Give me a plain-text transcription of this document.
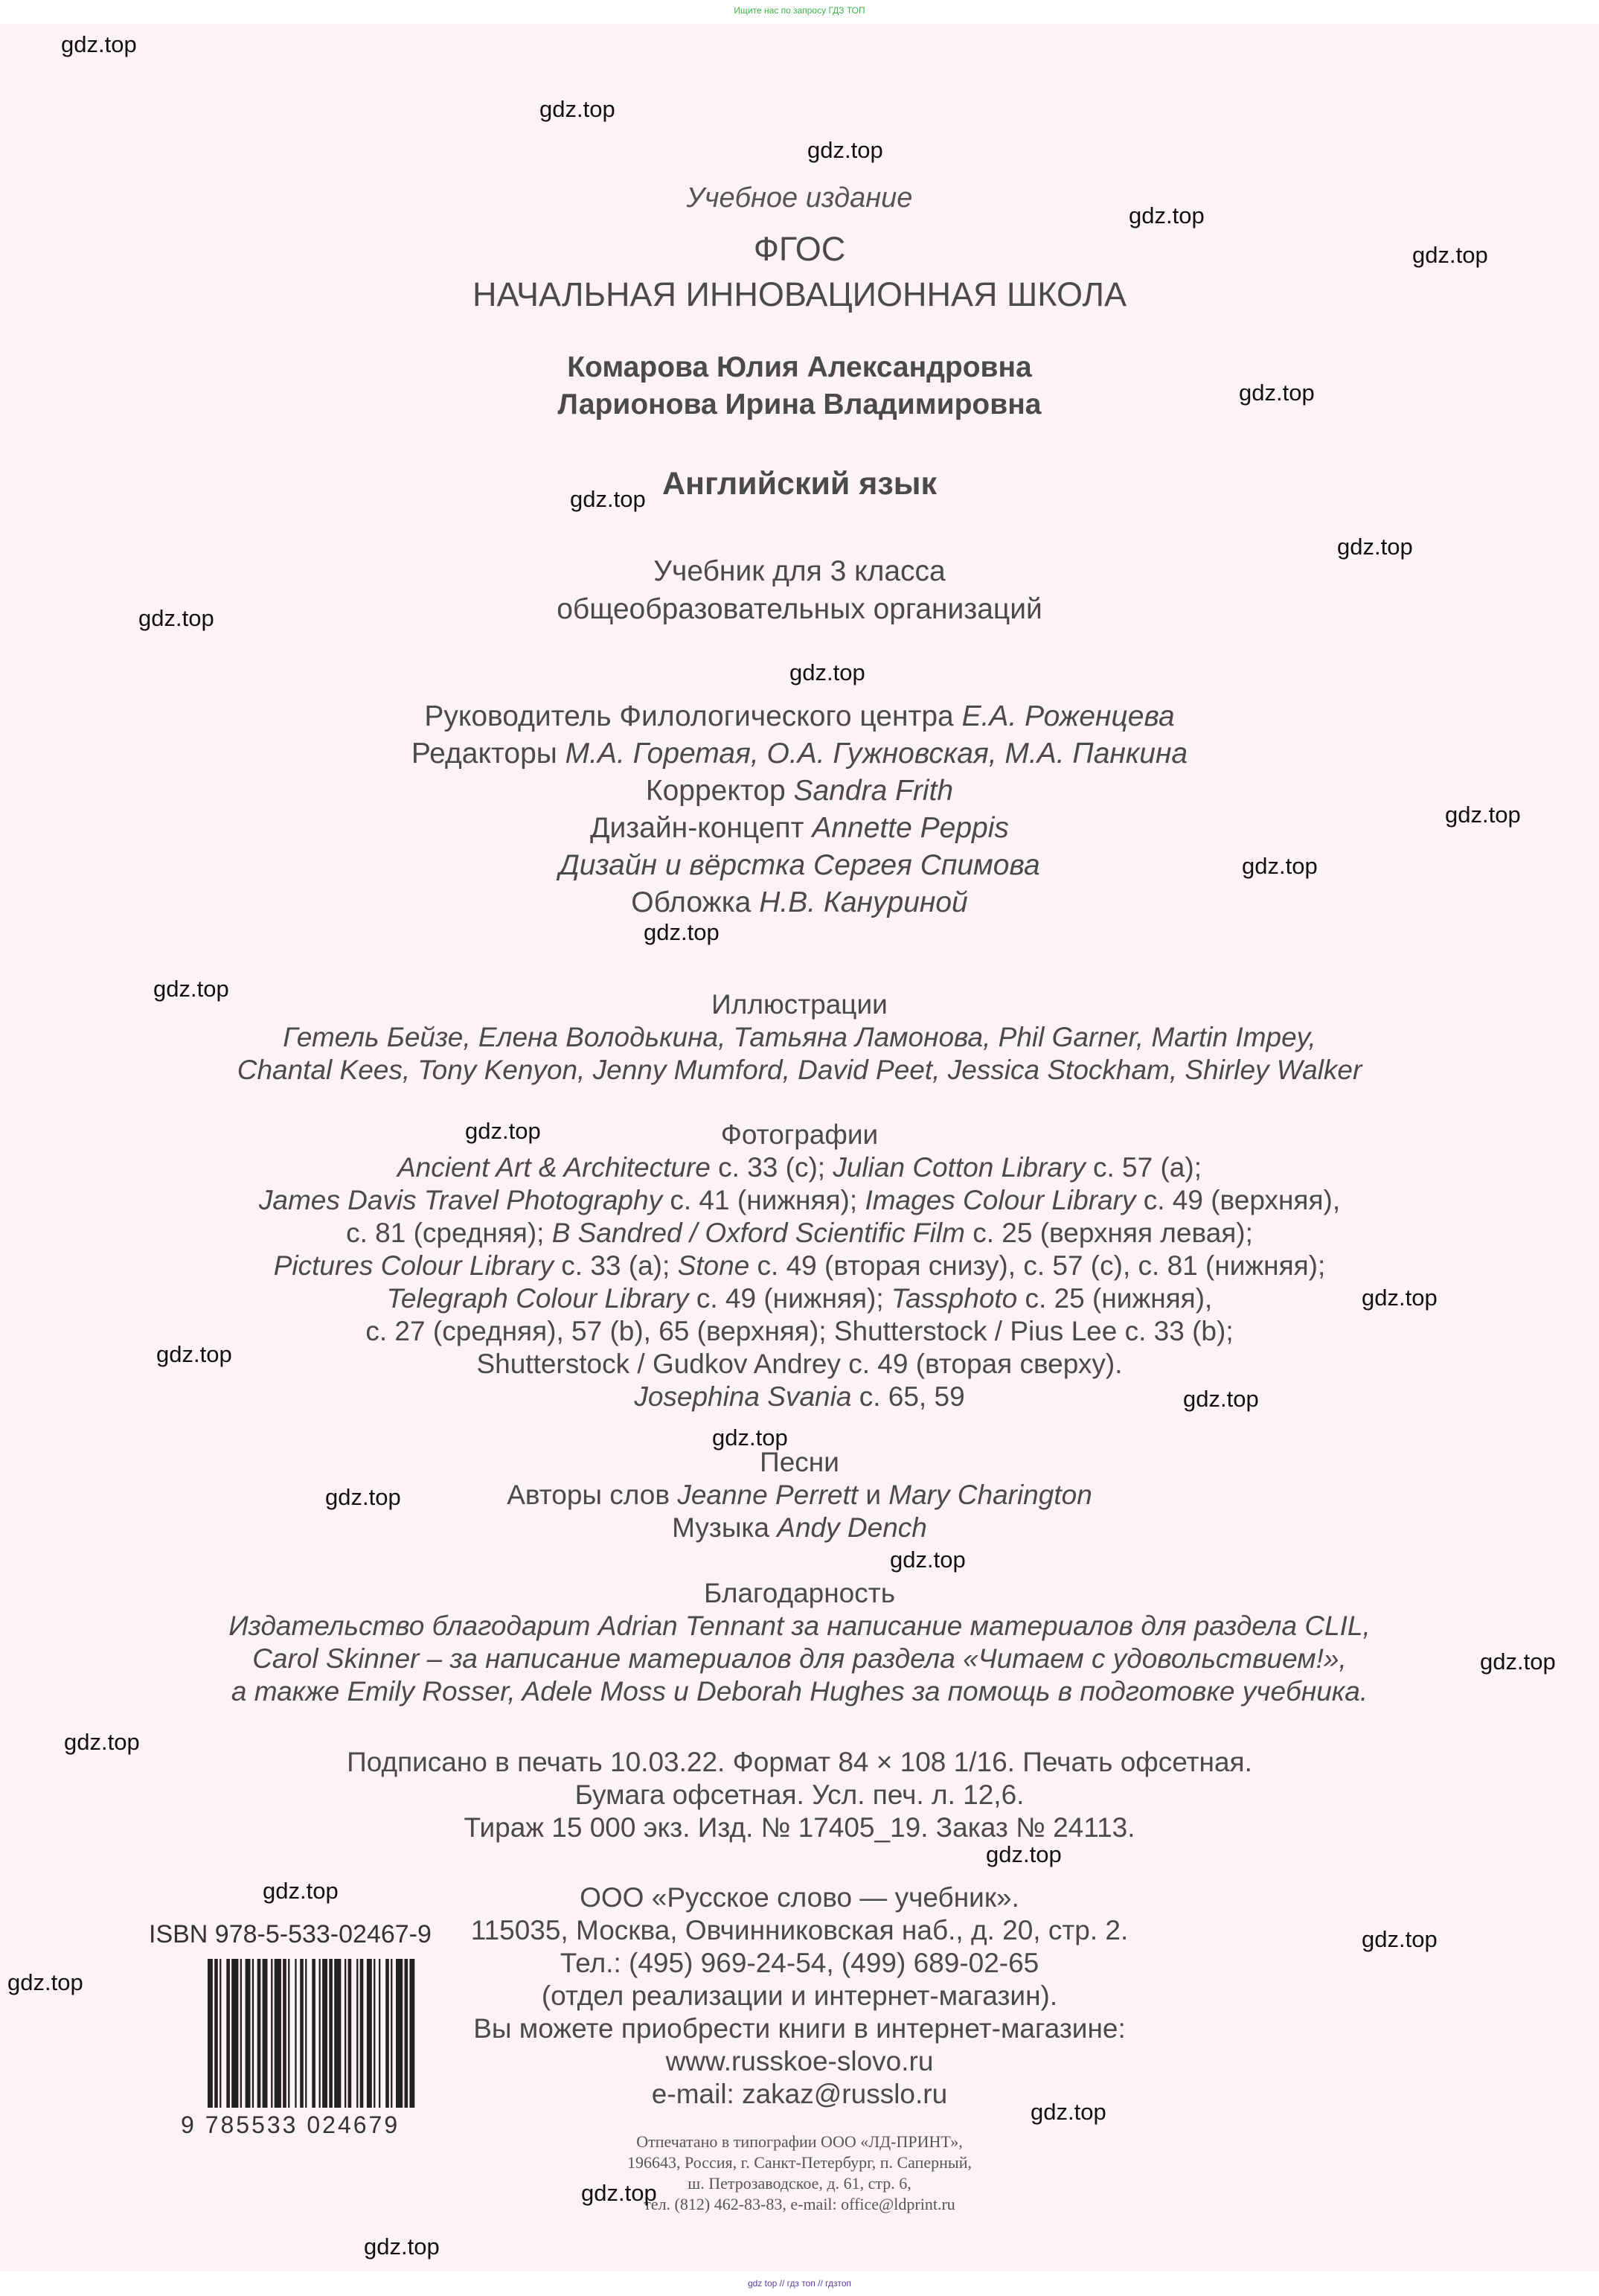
Ищите нас по запросу ГДЗ ТОП
Учебное издание
ФГОС
НАЧАЛЬНАЯ ИННОВАЦИОННАЯ ШКОЛА
Комарова Юлия Александровна
Ларионова Ирина Владимировна
Английский язык
Учебник для 3 класса
общеобразовательных организаций
Руководитель Филологического центра Е.А. Роженцева
Редакторы М.А. Горетая, О.А. Гужновская, М.А. Панкина
Корректор Sandra Frith
Дизайн-концепт Annette Peppis
Дизайн и вёрстка Сергея Спимова
Обложка Н.В. Кануриной
Иллюстрации
Гетель Бейзе, Елена Володькина, Татьяна Ламонова, Phil Garner, Martin Impey,
Chantal Kees, Tony Kenyon, Jenny Mumford, David Peet, Jessica Stockham, Shirley Walker
Фотографии
Ancient Art & Architecture с. 33 (с); Julian Cotton Library с. 57 (а);
James Davis Travel Photography с. 41 (нижняя); Images Colour Library с. 49 (верхняя),
с. 81 (средняя); B Sandred / Oxford Scientific Film с. 25 (верхняя левая);
Pictures Colour Library с. 33 (а); Stone с. 49 (вторая снизу), с. 57 (с), с. 81 (нижняя);
Telegraph Colour Library с. 49 (нижняя); Tassphoto с. 25 (нижняя),
с. 27 (средняя), 57 (b), 65 (верхняя); Shutterstock / Pius Lee с. 33 (b);
Shutterstock / Gudkov Andrey с. 49 (вторая сверху).
Josephina Svania с. 65, 59
Песни
Авторы слов Jeanne Perrett и Mary Charington
Музыка Andy Dench
Благодарность
Издательство благодарит Adrian Tennant за написание материалов для раздела CLIL,
Carol Skinner – за написание материалов для раздела «Читаем с удовольствием!»,
а также Emily Rosser, Adele Moss и Deborah Hughes за помощь в подготовке учебника.
Подписано в печать 10.03.22. Формат 84 × 108 1/16. Печать офсетная.
Бумага офсетная. Усл. печ. л. 12,6.
Тираж 15 000 экз. Изд. № 17405_19. Заказ № 24113.
ООО «Русское слово — учебник».
115035, Москва, Овчинниковская наб., д. 20, стр. 2.
Тел.: (495) 969-24-54, (499) 689-02-65
(отдел реализации и интернет-магазин).
Вы можете приобрести книги в интернет-магазине:
www.russkoe-slovo.ru
e-mail: zakaz@russlo.ru
Отпечатано в типографии ООО «ЛД-ПРИНТ»,
196643, Россия, г. Санкт-Петербург, п. Саперный,
ш. Петрозаводское, д. 61, стр. 6,
тел. (812) 462-83-83, e-mail: office@ldprint.ru
ISBN 978-5-533-02467-9
9 785533 024679
gdz.top
gdz.top
gdz.top
gdz.top
gdz.top
gdz.top
gdz.top
gdz.top
gdz.top
gdz.top
gdz.top
gdz.top
gdz.top
gdz.top
gdz.top
gdz.top
gdz.top
gdz.top
gdz.top
gdz.top
gdz.top
gdz.top
gdz.top
gdz.top
gdz.top
gdz.top
gdz.top
gdz.top
gdz.top
gdz.top
gdz top // гдз топ // гдзтоп
